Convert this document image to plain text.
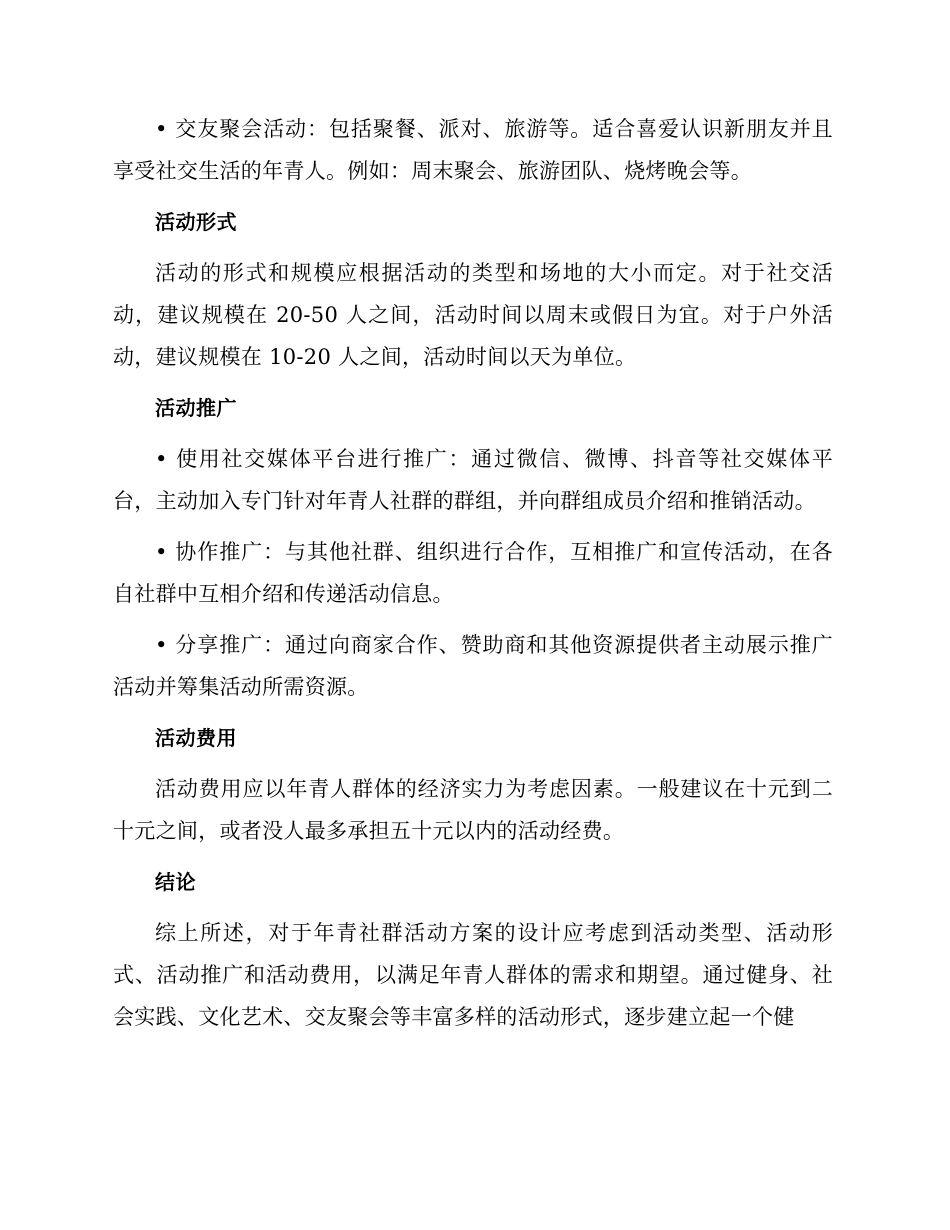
• 交友聚会活动：包括聚餐、派对、旅游等。适合喜爱认识新朋友并且享受社交生活的年青人。例如：周末聚会、旅游团队、烧烤晚会等。

活动形式

活动的形式和规模应根据活动的类型和场地的大小而定。对于社交活动，建议规模在 20-50 人之间，活动时间以周末或假日为宜。对于户外活动，建议规模在 10-20 人之间，活动时间以天为单位。

活动推广

• 使用社交媒体平台进行推广：通过微信、微博、抖音等社交媒体平台，主动加入专门针对年青人社群的群组，并向群组成员介绍和推销活动。

• 协作推广：与其他社群、组织进行合作，互相推广和宣传活动，在各自社群中互相介绍和传递活动信息。

• 分享推广：通过向商家合作、赞助商和其他资源提供者主动展示推广活动并筹集活动所需资源。

活动费用

活动费用应以年青人群体的经济实力为考虑因素。一般建议在十元到二十元之间，或者没人最多承担五十元以内的活动经费。

结论

综上所述，对于年青社群活动方案的设计应考虑到活动类型、活动形式、活动推广和活动费用，以满足年青人群体的需求和期望。通过健身、社会实践、文化艺术、交友聚会等丰富多样的活动形式，逐步建立起一个健
